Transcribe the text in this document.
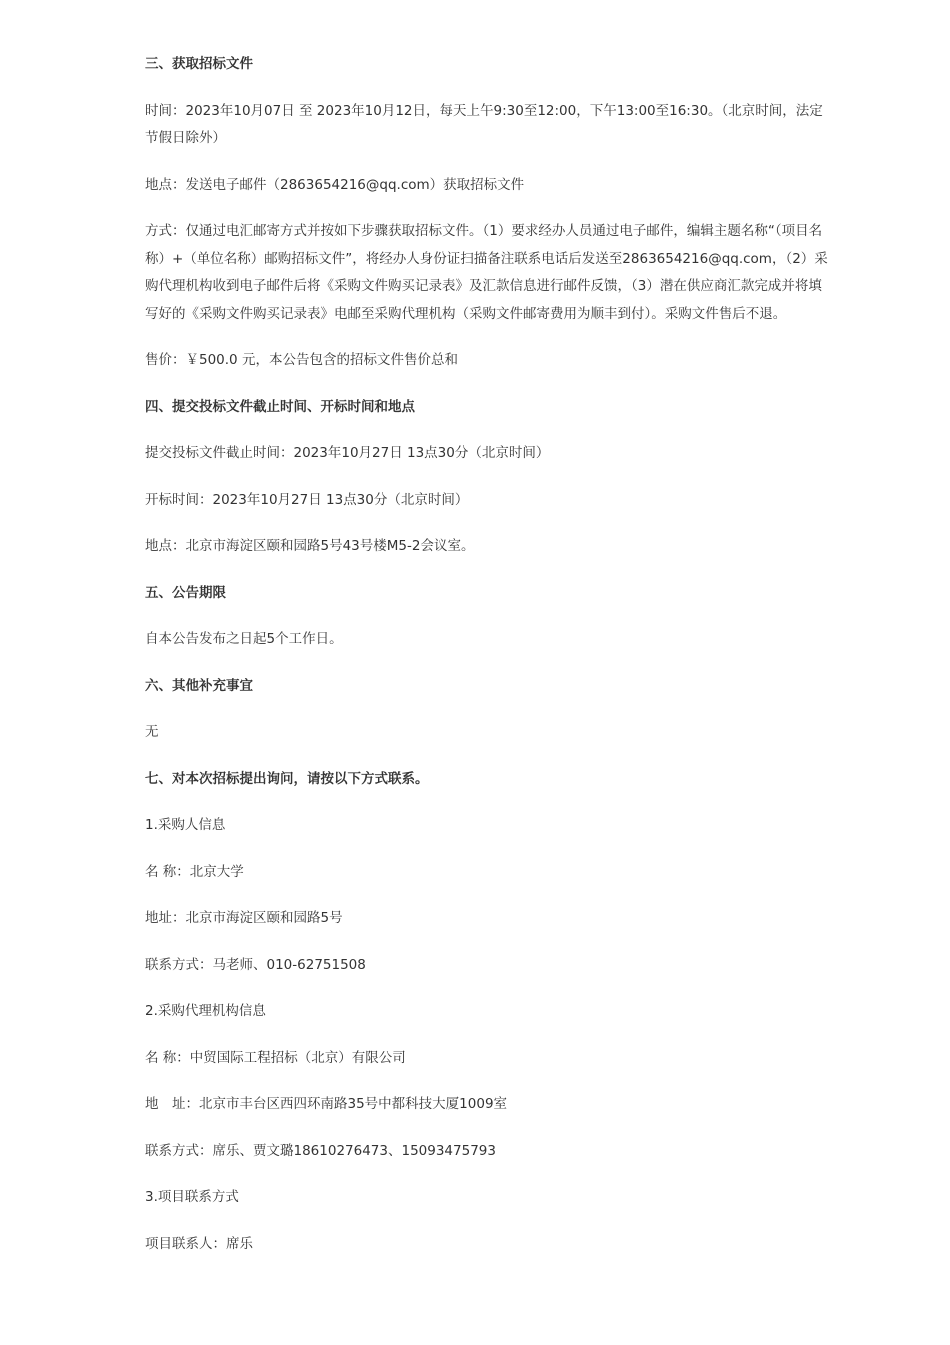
三、获取招标文件
时间：2023年10月07日 至 2023年10月12日，每天上午9:30至12:00，下午13:00至16:30。（北京时间，法定节假日除外）
地点：发送电子邮件（2863654216@qq.com）获取招标文件
方式：仅通过电汇邮寄方式并按如下步骤获取招标文件。（1）要求经办人员通过电子邮件，编辑主题名称“（项目名称）+（单位名称）邮购招标文件”，将经办人身份证扫描备注联系电话后发送至2863654216@qq.com，（2）采购代理机构收到电子邮件后将《采购文件购买记录表》及汇款信息进行邮件反馈，（3）潜在供应商汇款完成并将填写好的《采购文件购买记录表》电邮至采购代理机构（采购文件邮寄费用为顺丰到付）。采购文件售后不退。
售价：￥500.0 元，本公告包含的招标文件售价总和
四、提交投标文件截止时间、开标时间和地点
提交投标文件截止时间：2023年10月27日 13点30分（北京时间）
开标时间：2023年10月27日 13点30分（北京时间）
地点：北京市海淀区颐和园路5号43号楼M5-2会议室。
五、公告期限
自本公告发布之日起5个工作日。
六、其他补充事宜
无
七、对本次招标提出询问，请按以下方式联系。
1.采购人信息
名 称：北京大学
地址：北京市海淀区颐和园路5号
联系方式：马老师、010-62751508
2.采购代理机构信息
名 称：中贸国际工程招标（北京）有限公司
地　址：北京市丰台区西四环南路35号中都科技大厦1009室
联系方式：席乐、贾文璐18610276473、15093475793
3.项目联系方式
项目联系人：席乐
